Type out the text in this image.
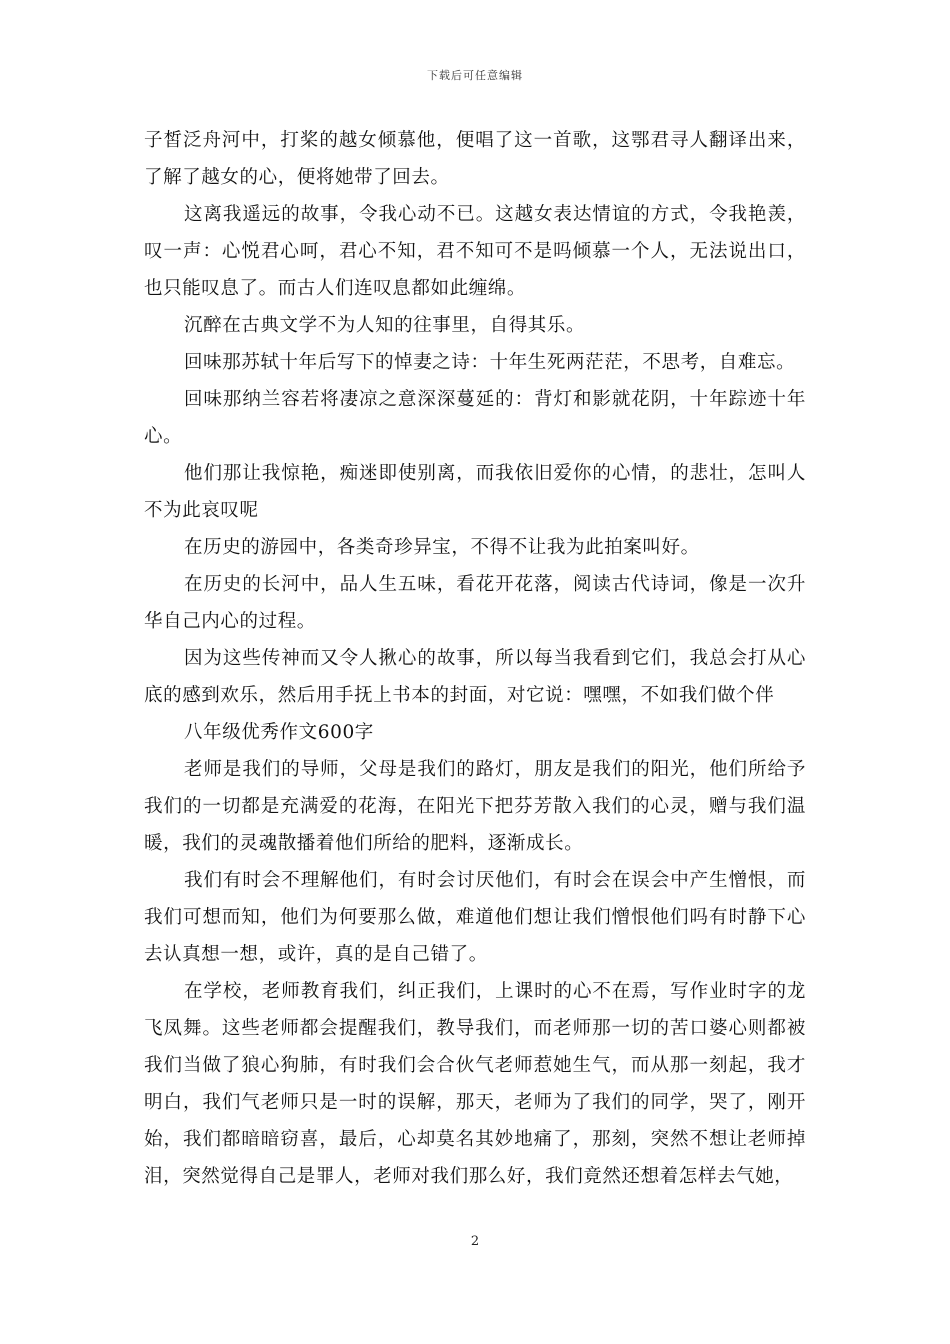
下载后可任意编辑

子皙泛舟河中，打桨的越女倾慕他，便唱了这一首歌，这鄂君寻人翻译出来，了解了越女的心，便将她带了回去。

这离我遥远的故事，令我心动不已。这越女表达情谊的方式，令我艳羡，叹一声：心悦君心呵，君心不知，君不知可不是吗倾慕一个人，无法说出口，也只能叹息了。而古人们连叹息都如此缠绵。

沉醉在古典文学不为人知的往事里，自得其乐。

回味那苏轼十年后写下的悼妻之诗：十年生死两茫茫，不思考，自难忘。

回味那纳兰容若将凄凉之意深深蔓延的：背灯和影就花阴，十年踪迹十年心。

他们那让我惊艳，痴迷即使别离，而我依旧爱你的心情，的悲壮，怎叫人不为此哀叹呢

在历史的游园中，各类奇珍异宝，不得不让我为此拍案叫好。

在历史的长河中，品人生五味，看花开花落，阅读古代诗词，像是一次升华自己内心的过程。

因为这些传神而又令人揪心的故事，所以每当我看到它们，我总会打从心底的感到欢乐，然后用手抚上书本的封面，对它说：嘿嘿，不如我们做个伴

八年级优秀作文600字

老师是我们的导师，父母是我们的路灯，朋友是我们的阳光，他们所给予我们的一切都是充满爱的花海，在阳光下把芬芳散入我们的心灵，赠与我们温暖，我们的灵魂散播着他们所给的肥料，逐渐成长。

我们有时会不理解他们，有时会讨厌他们，有时会在误会中产生憎恨，而我们可想而知，他们为何要那么做，难道他们想让我们憎恨他们吗有时静下心去认真想一想，或许，真的是自己错了。

在学校，老师教育我们，纠正我们，上课时的心不在焉，写作业时字的龙飞凤舞。这些老师都会提醒我们，教导我们，而老师那一切的苦口婆心则都被我们当做了狼心狗肺，有时我们会合伙气老师惹她生气，而从那一刻起，我才明白，我们气老师只是一时的误解，那天，老师为了我们的同学，哭了，刚开始，我们都暗暗窃喜，最后，心却莫名其妙地痛了，那刻，突然不想让老师掉泪，突然觉得自己是罪人，老师对我们那么好，我们竟然还想着怎样去气她，

2
